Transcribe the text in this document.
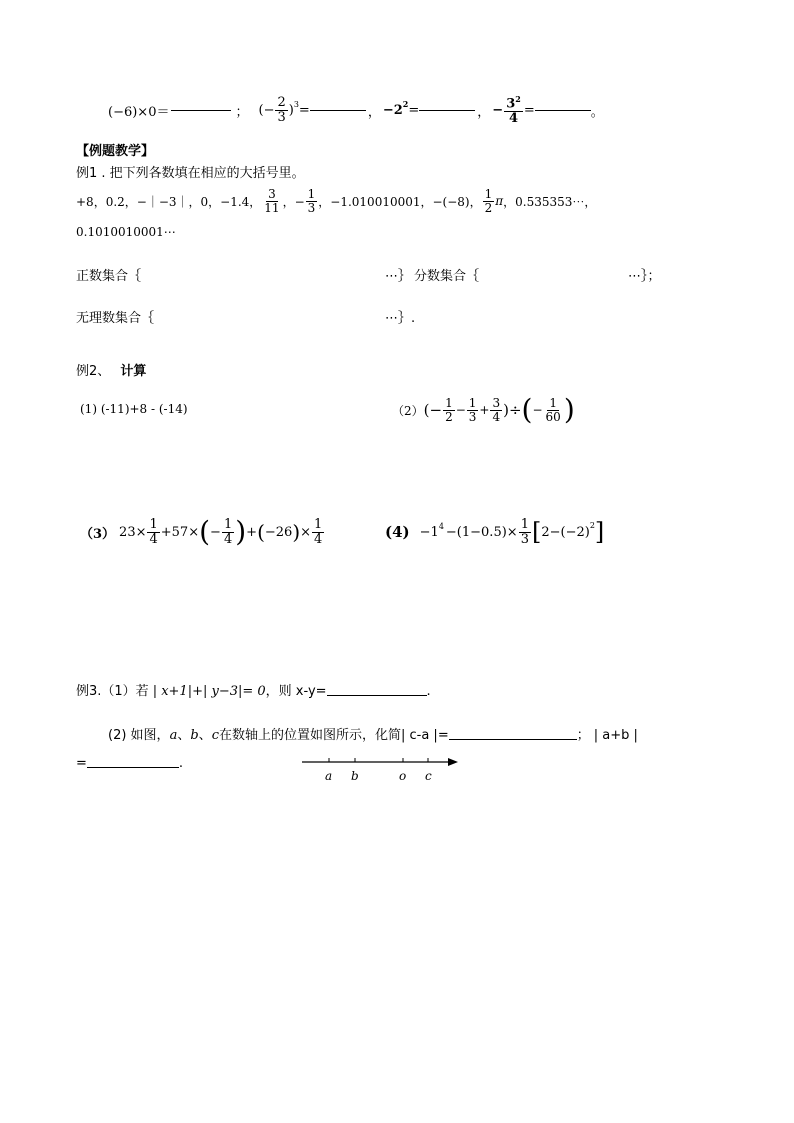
(−6)×0＝	； (− $\frac{2}{3} )^3$ =	， $-2^2$ =	， − $\frac{3^2}{4}$ =	。
【例题教学】
例1 . 把下列各数填在相应的大括号里。
+8，0.2，−｜−3｜，0，−1.4， $\frac{3}{11}$ ，− $\frac{1}{3}$ ，−1.010010001，−(−8)， $\frac{1}{2}$ π ，0.535353⋯，
0.1010010001⋯
正数集合｛	⋯｝ 分数集合｛	⋯｝；
无理数集合｛	⋯｝.
例2、 计算
(1) (-11)+8 - (-14)	（2） (− $\frac{1}{2} - \frac{1}{3} + \frac{3}{4}$ )÷ ( − $\frac{1}{60}$ )
（3） $23\times \frac{1}{4} +57\times$ ( − $\frac{1}{4}$ ) + ( −26 ) × $\frac{1}{4}$	$(4) -1^4 -(1-0.5)\times \frac{1}{3}$ [ $2-(-2)^2$ ]
例3.（1）若 | x+1|+| y−3|= 0 ，则 x-y=	.
(2) 如图， a 、 b 、 c 在数轴上的位置如图所示，化简 | c-a |=	； | a+b |
=	.
a b	o c
